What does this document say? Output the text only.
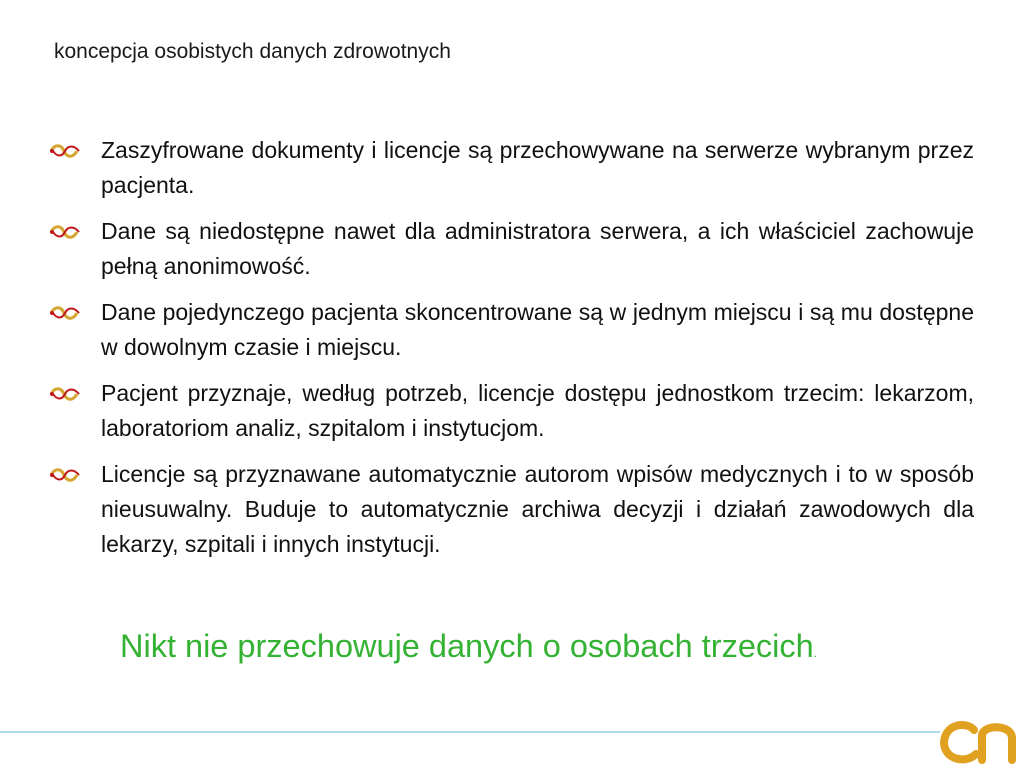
koncepcja osobistych danych zdrowotnych
Zaszyfrowane dokumenty i licencje są przechowywane na serwerze wybranym przez pacjenta.
Dane są niedostępne nawet dla administratora serwera, a ich właściciel zachowuje pełną anonimowość.
Dane pojedynczego pacjenta skoncentrowane są w jednym miejscu i są mu dostępne w dowolnym czasie i miejscu.
Pacjent przyznaje, według potrzeb, licencje dostępu jednostkom trzecim: lekarzom, laboratoriom analiz, szpitalom i instytucjom.
Licencje są przyznawane automatycznie autorom wpisów medycznych i to w sposób nieusuwalny. Buduje to automatycznie archiwa decyzji i działań zawodowych dla lekarzy, szpitali i innych instytucji.
Nikt nie przechowuje danych o osobach trzecich.
